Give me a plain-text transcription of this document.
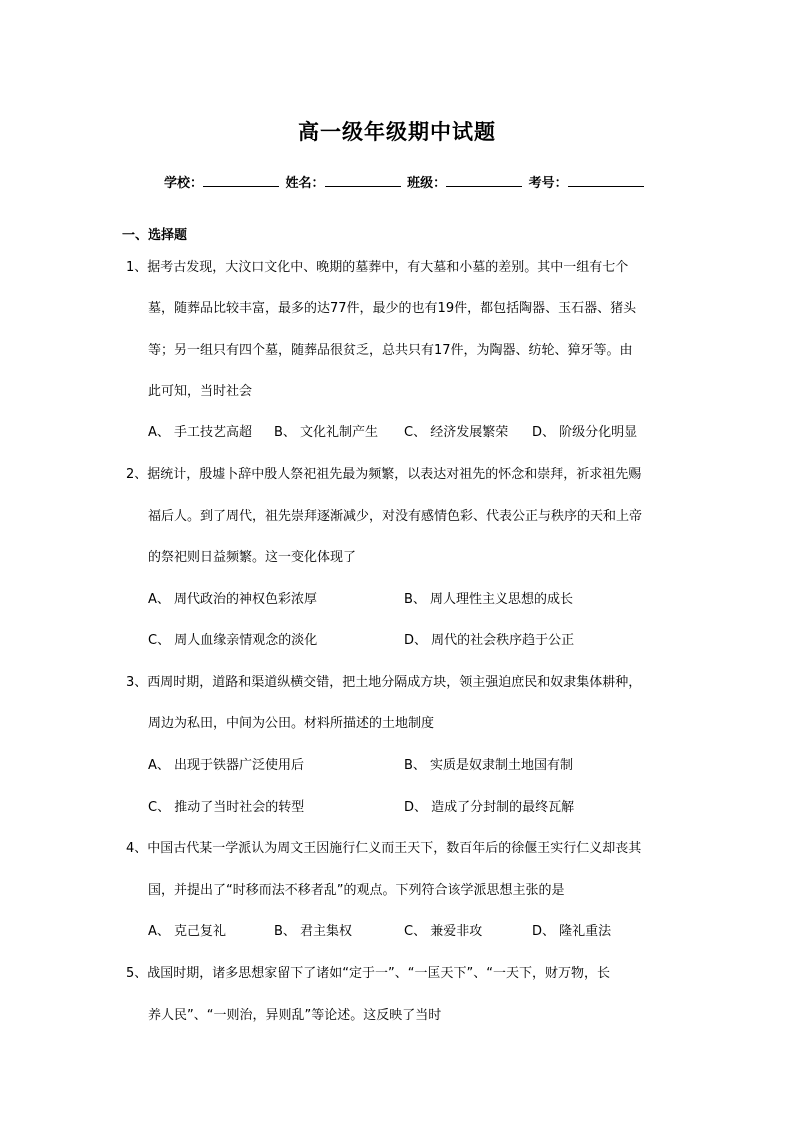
高一级年级期中试题
学校：	姓名：	班级：	考号：
一、选择题
1、据考古发现，大汶口文化中、晚期的墓葬中，有大墓和小墓的差别。其中一组有七个
墓，随葬品比较丰富，最多的达77件，最少的也有19件，都包括陶器、玉石器、猪头
等；另一组只有四个墓，随葬品很贫乏，总共只有17件，为陶器、纺轮、獐牙等。由
此可知，当时社会
A、 手工技艺高超 B、 文化礼制产生 C、 经济发展繁荣 D、 阶级分化明显
2、据统计，殷墟卜辞中殷人祭祀祖先最为频繁，以表达对祖先的怀念和崇拜，祈求祖先赐
福后人。到了周代，祖先崇拜逐渐减少，对没有感情色彩、代表公正与秩序的天和上帝
的祭祀则日益频繁。这一变化体现了
A、 周代政治的神权色彩浓厚	B、 周人理性主义思想的成长
C、 周人血缘亲情观念的淡化	D、 周代的社会秩序趋于公正
3、西周时期，道路和渠道纵横交错，把土地分隔成方块，领主强迫庶民和奴隶集体耕种，
周边为私田，中间为公田。材料所描述的土地制度
A、 出现于铁器广泛使用后	B、 实质是奴隶制土地国有制
C、 推动了当时社会的转型	D、 造成了分封制的最终瓦解
4、中国古代某一学派认为周文王因施行仁义而王天下，数百年后的徐偃王实行仁义却丧其
国，并提出了“时移而法不移者乱”的观点。下列符合该学派思想主张的是
A、 克己复礼	B、 君主集权	C、 兼爱非攻	D、 隆礼重法
5、战国时期，诸多思想家留下了诸如“定于一”、“一匡天下”、“一天下，财万物，长
养人民”、“一则治，异则乱”等论述。这反映了当时
